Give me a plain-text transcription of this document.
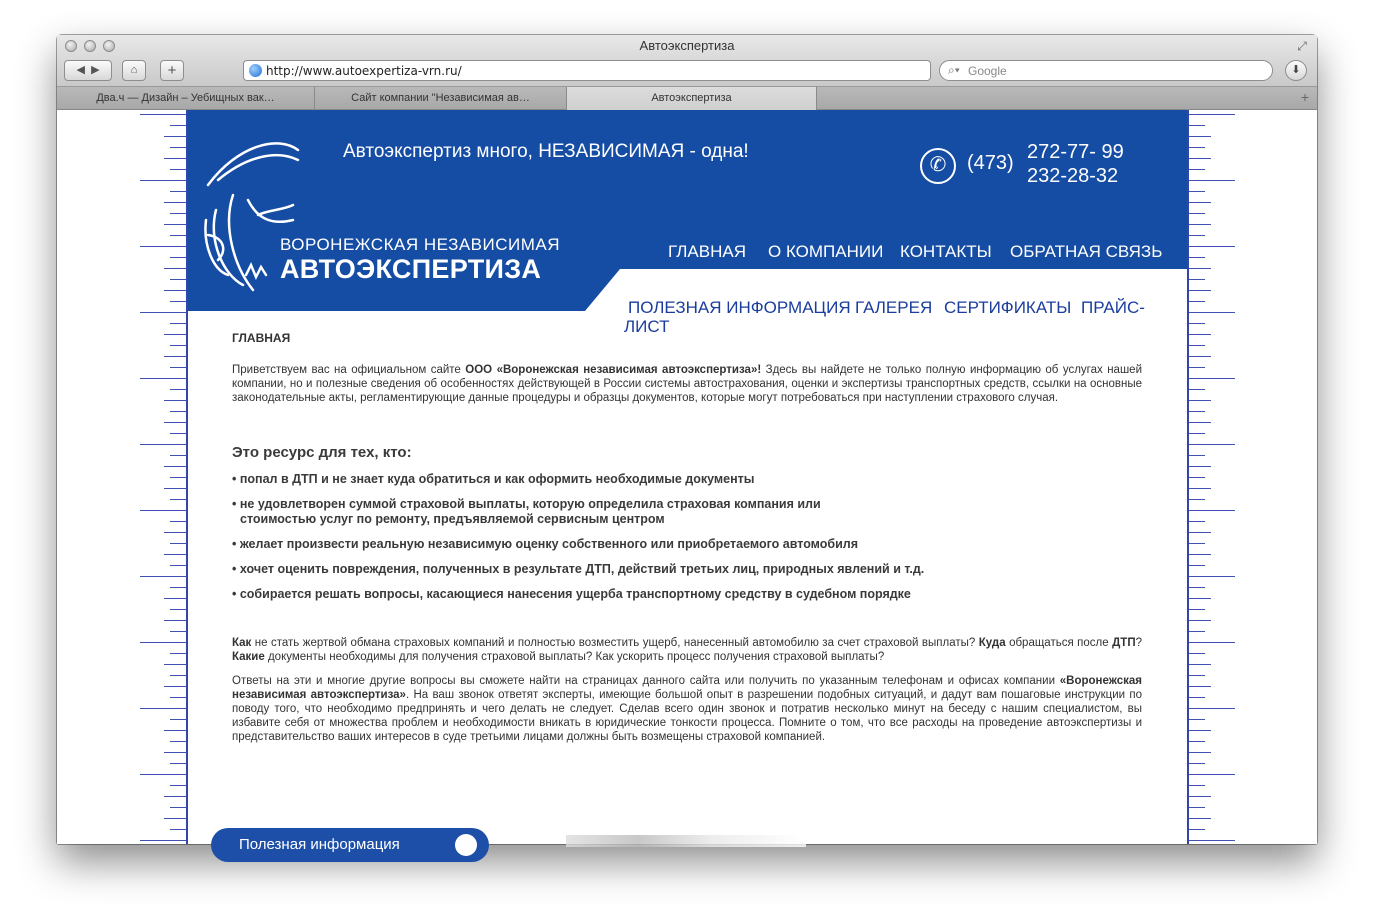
Автоэкспертиза	⤢
◀ ▶	⌂	+	http://www.autoexpertiza-vrn.ru/	⌕▾ Google	⬇
Два.ч — Дизайн – Уебищных вак…	Сайт компании "Независимая ав…	Автоэкспертиза	+
ВОРОНЕЖСКАЯ НЕЗАВИСИМАЯ
АВТОЭКСПЕРТИЗА
Автоэкспертиз много, НЕЗАВИСИМАЯ - одна!
✆	(473) 272-77- 99
232-28-32
ГЛАВНАЯ О КОМПАНИИ КОНТАКТЫ ОБРАТНАЯ СВЯЗЬ
ПОЛЕЗНАЯ ИНФОРМАЦИЯ ГАЛЕРЕЯ СЕРТИФИКАТЫ ПРАЙС-
ЛИСТ
ГЛАВНАЯ

Приветствуем вас на официальном сайте ООО «Воронежская независимая автоэкспертиза»! Здесь вы найдете не только полную информацию об услугах нашей компании, но и полезные сведения об особенностях действующей в России системы автострахования, оценки и экспертизы транспортных средств, ссылки на основные законодательные акты, регламентирующие данные процедуры и образцы документов, которые могут потребоваться при наступлении страхового случая.

Это ресурс для тех, кто:
• попал в ДТП и не знает куда обратиться и как оформить необходимые документы
• не удовлетворен суммой страховой выплаты, которую определила страховая компания или
стоимостью услуг по ремонту, предъявляемой сервисным центром
• желает произвести реальную независимую оценку собственного или приобретаемого автомобиля
• хочет оценить повреждения, полученных в результате ДТП, действий третьих лиц, природных явлений и т.д.
• собирается решать вопросы, касающиеся нанесения ущерба транспортному средству в судебном порядке

Как не стать жертвой обмана страховых компаний и полностью возместить ущерб, нанесенный автомобилю за счет страховой выплаты? Куда обращаться после ДТП? Какие документы необходимы для получения страховой выплаты? Как ускорить процесс получения страховой выплаты?

Ответы на эти и многие другие вопросы вы сможете найти на страницах данного сайта или получить по указанным телефонам и офисах компании «Воронежская независимая автоэкспертиза». На ваш звонок ответят эксперты, имеющие большой опыт в разрешении подобных ситуаций, и дадут вам пошаговые инструкции по поводу того, что необходимо предпринять и чего делать не следует. Сделав всего один звонок и потратив несколько минут на беседу с нашим специалистом, вы избавите себя от множества проблем и необходимости вникать в юридические тонкости процесса. Помните о том, что все расходы на проведение автоэкспертизы и представительство ваших интересов в суде третьими лицами должны быть возмещены страховой компанией.

Полезная информация
